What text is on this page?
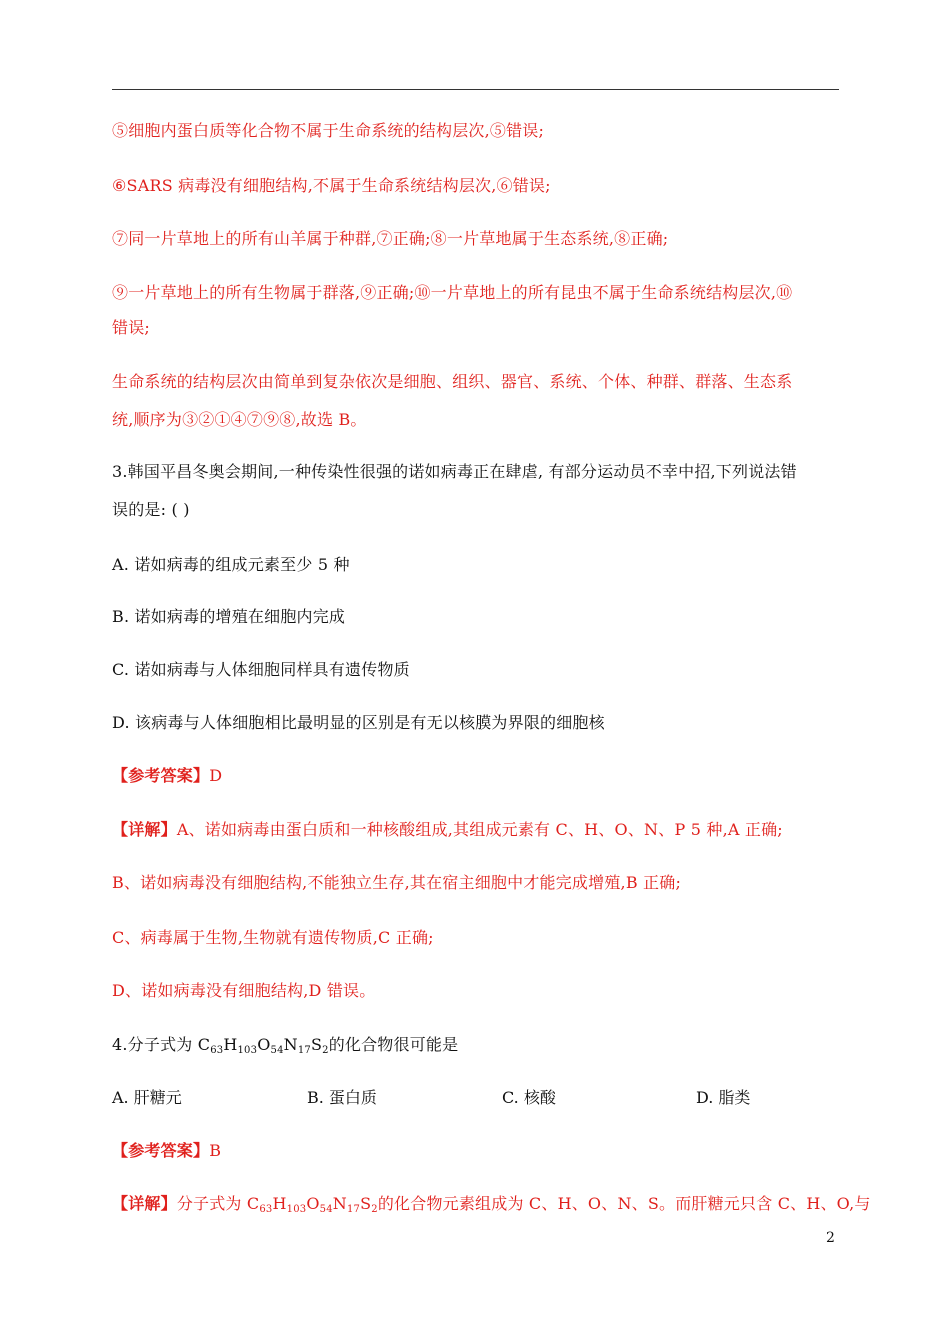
⑤细胞内蛋白质等化合物不属于生命系统的结构层次,⑤错误;
⑥SARS 病毒没有细胞结构,不属于生命系统结构层次,⑥错误;
⑦同一片草地上的所有山羊属于种群,⑦正确;⑧一片草地属于生态系统,⑧正确;
⑨一片草地上的所有生物属于群落,⑨正确;⑩一片草地上的所有昆虫不属于生命系统结构层次,⑩
错误;
生命系统的结构层次由简单到复杂依次是细胞、组织、器官、系统、个体、种群、群落、生态系
统,顺序为③②①④⑦⑨⑧,故选 B。
3.韩国平昌冬奥会期间,一种传染性很强的诺如病毒正在肆虐, 有部分运动员不幸中招,下列说法错
误的是: ( )
A. 诺如病毒的组成元素至少 5 种
B. 诺如病毒的增殖在细胞内完成
C. 诺如病毒与人体细胞同样具有遗传物质
D. 该病毒与人体细胞相比最明显的区别是有无以核膜为界限的细胞核
【参考答案】D
【详解】A、诺如病毒由蛋白质和一种核酸组成,其组成元素有 C、H、O、N、P 5 种,A 正确;
B、诺如病毒没有细胞结构,不能独立生存,其在宿主细胞中才能完成增殖,B 正确;
C、病毒属于生物,生物就有遗传物质,C 正确;
D、诺如病毒没有细胞结构,D 错误。
4.分子式为 $C_{63}H_{103}O_{54}N_{17}S_2$的化合物很可能是
A. 肝糖元	B. 蛋白质	C. 核酸	D. 脂类
【参考答案】B
【详解】分子式为 $C_{63}H_{103}O_{54}N_{17}S_2$的化合物元素组成为 C、H、O、N、S。而肝糖元只含 C、H、O,与
2
